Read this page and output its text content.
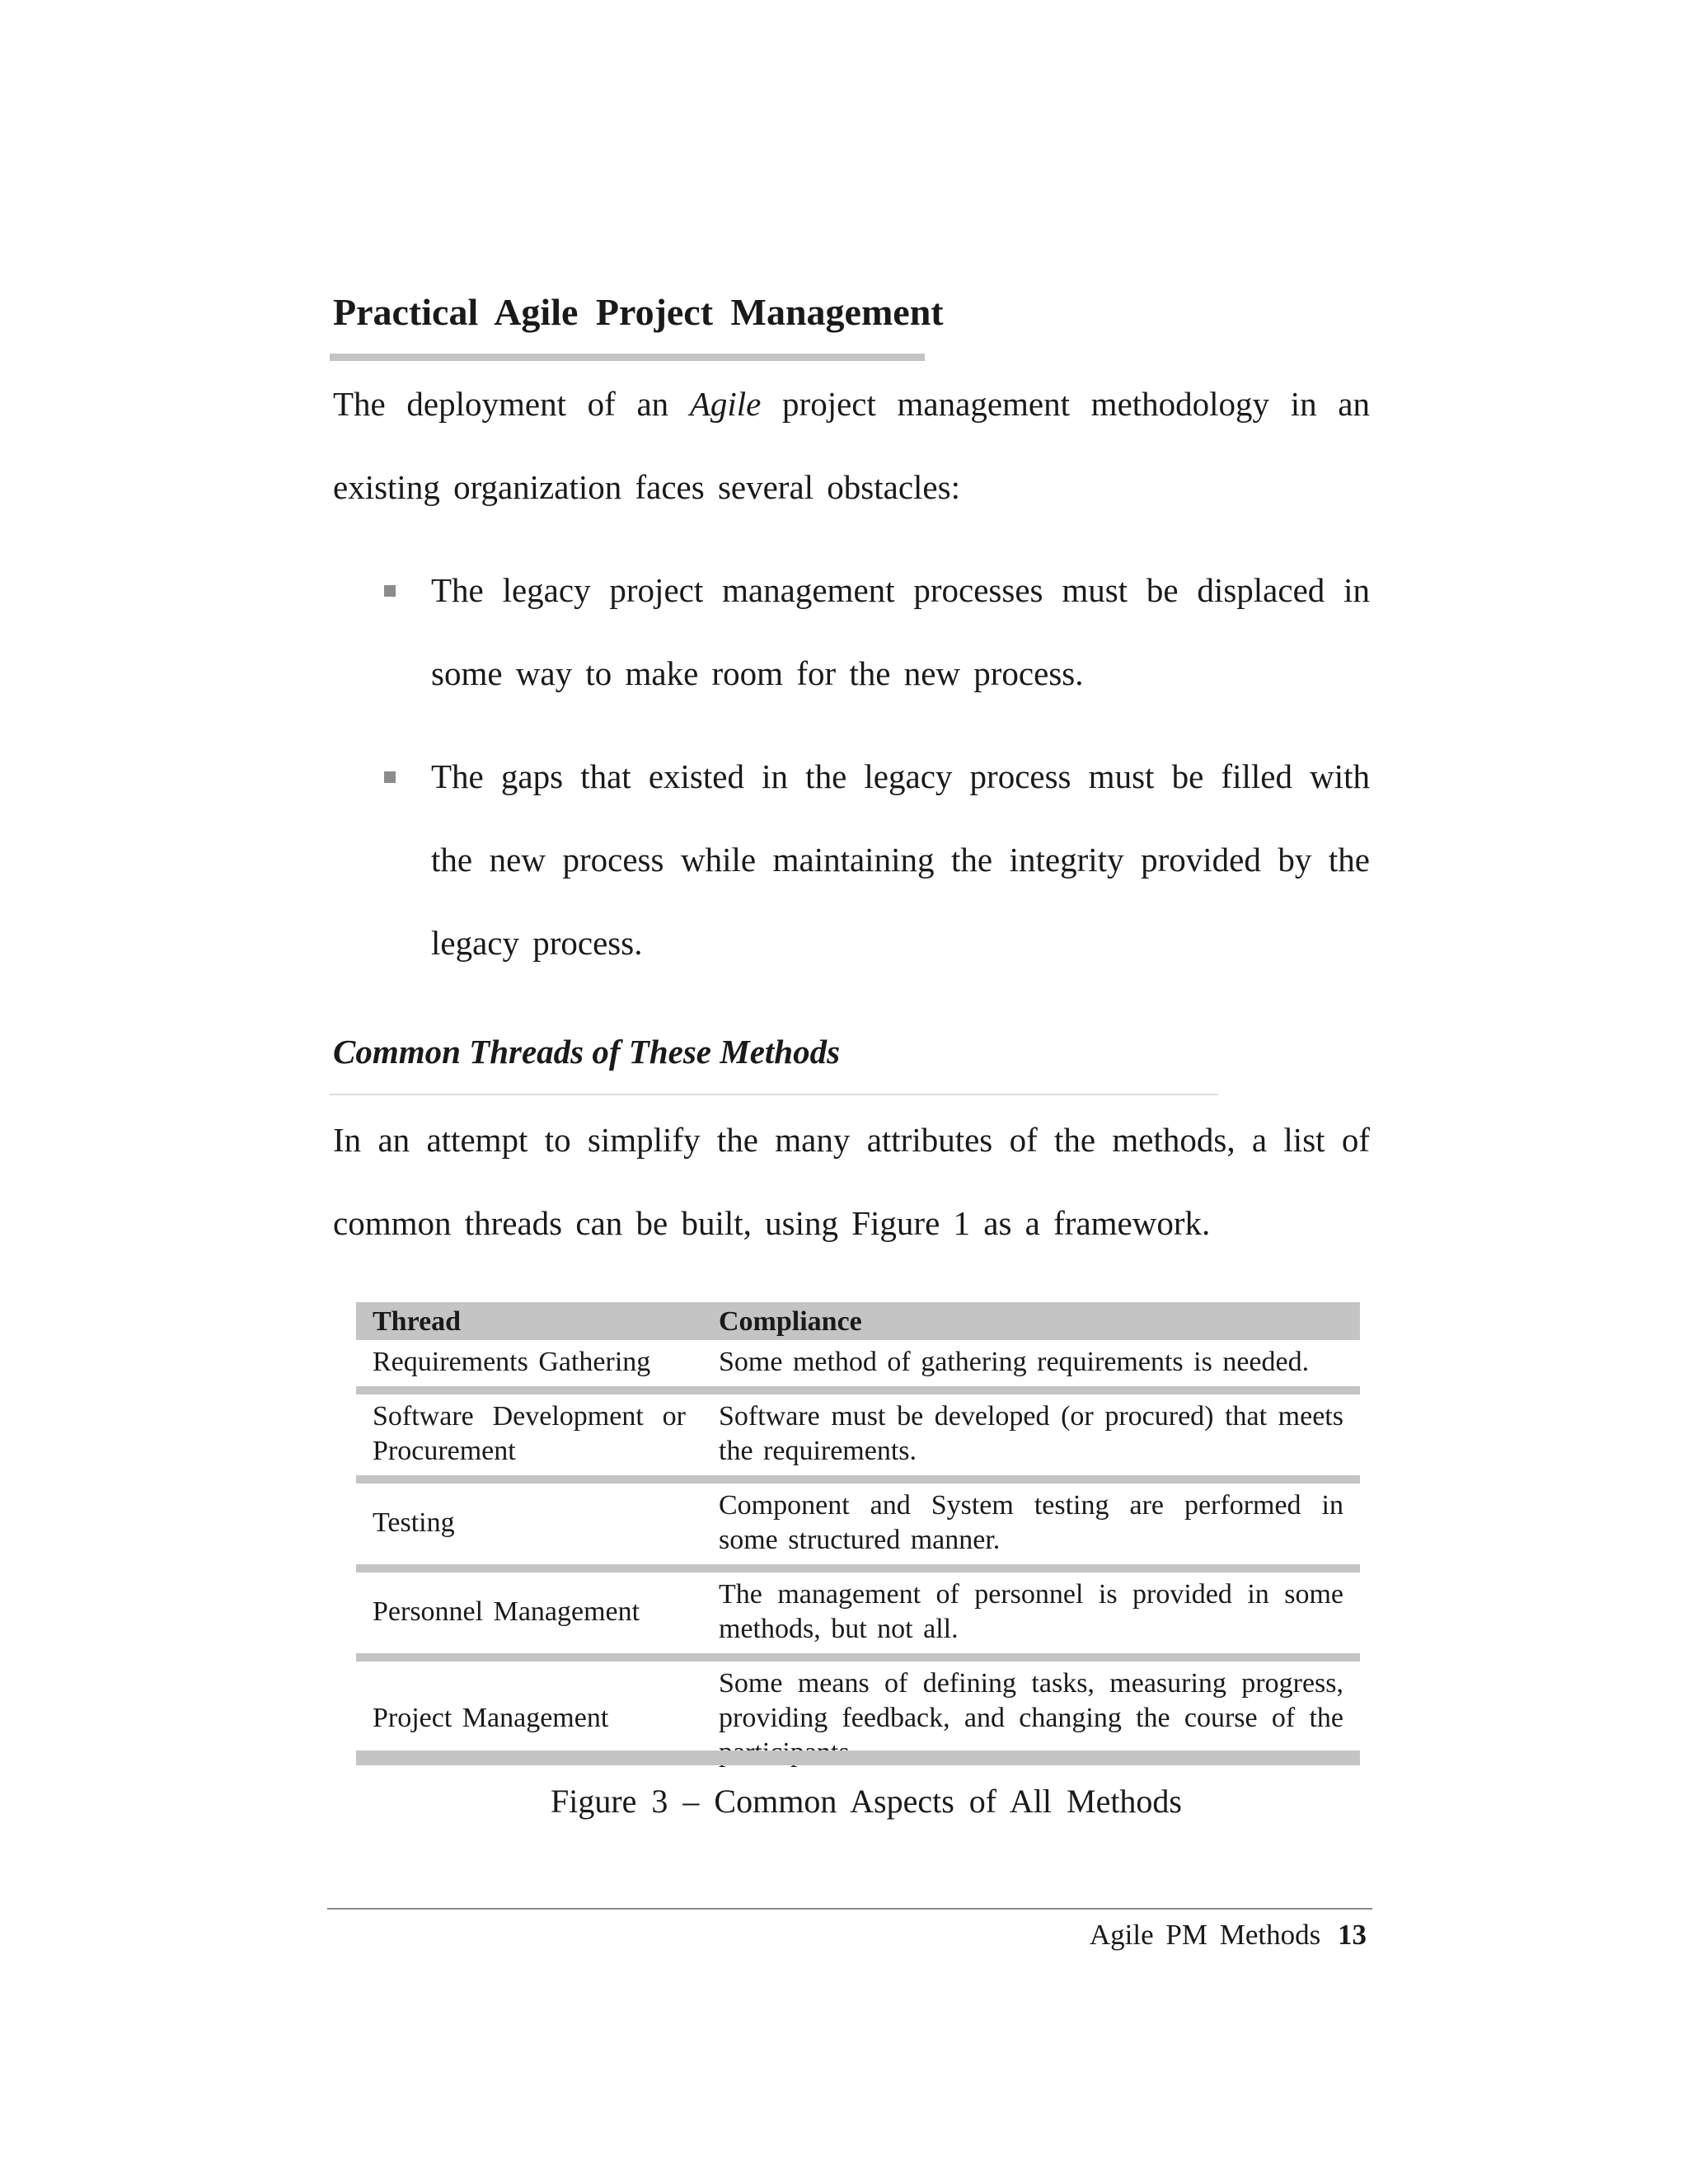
Practical Agile Project Management

The deployment of an Agile project management methodology in an existing organization faces several obstacles:

The legacy project management processes must be displaced in some way to make room for the new process.
The gaps that existed in the legacy process must be filled with the new process while maintaining the integrity provided by the legacy process.
Common Threads of These Methods

In an attempt to simplify the many attributes of the methods, a list of common threads can be built, using Figure 1 as a framework.

Thread	Compliance
Requirements Gathering	Some method of gathering requirements is needed.
Software Development or Procurement	Software must be developed (or procured) that meets the requirements.
Testing	Component and System testing are performed in some structured manner.
Personnel Management	The management of personnel is provided in some methods, but not all.
Project Management	Some means of defining tasks, measuring progress, providing feedback, and changing the course of the

Figure 3 – Common Aspects of All Methods

Agile PM Methods 13
